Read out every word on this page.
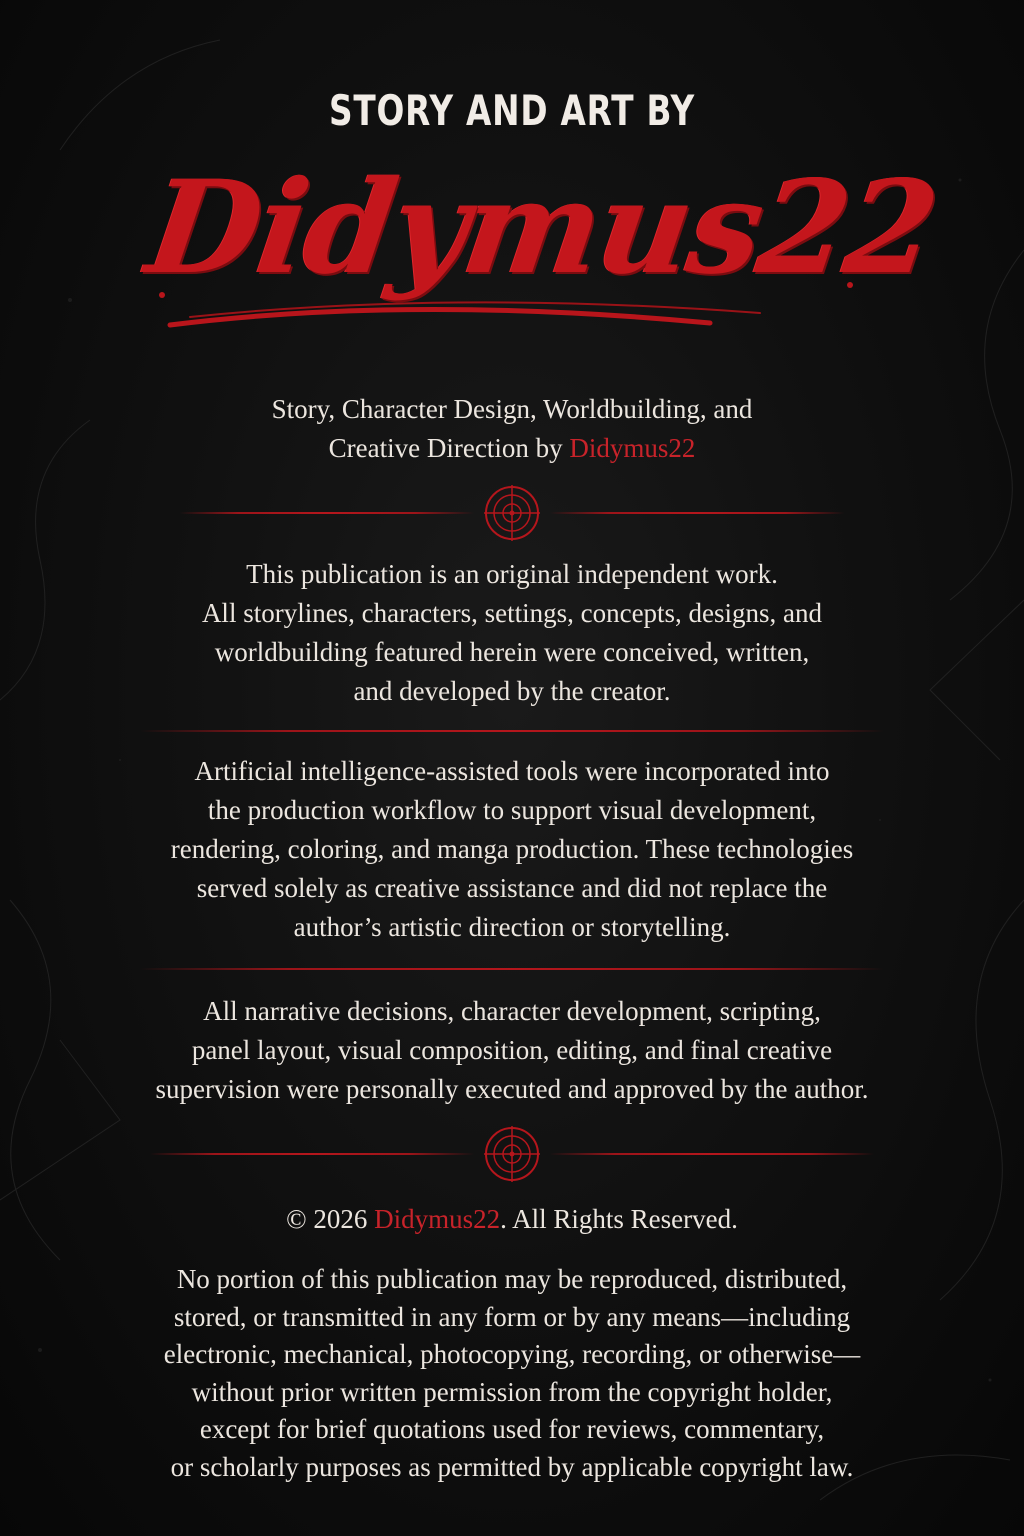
STORY AND ART BY
Didymus22
Story, Character Design, Worldbuilding, and
Creative Direction by Didymus22
This publication is an original independent work.
All storylines, characters, settings, concepts, designs, and
worldbuilding featured herein were conceived, written,
and developed by the creator.
Artificial intelligence-assisted tools were incorporated into
the production workflow to support visual development,
rendering, coloring, and manga production. These technologies
served solely as creative assistance and did not replace the
author’s artistic direction or storytelling.
All narrative decisions, character development, scripting,
panel layout, visual composition, editing, and final creative
supervision were personally executed and approved by the author.
© 2026 Didymus22. All Rights Reserved.
No portion of this publication may be reproduced, distributed,
stored, or transmitted in any form or by any means—including
electronic, mechanical, photocopying, recording, or otherwise—
without prior written permission from the copyright holder,
except for brief quotations used for reviews, commentary,
or scholarly purposes as permitted by applicable copyright law.
